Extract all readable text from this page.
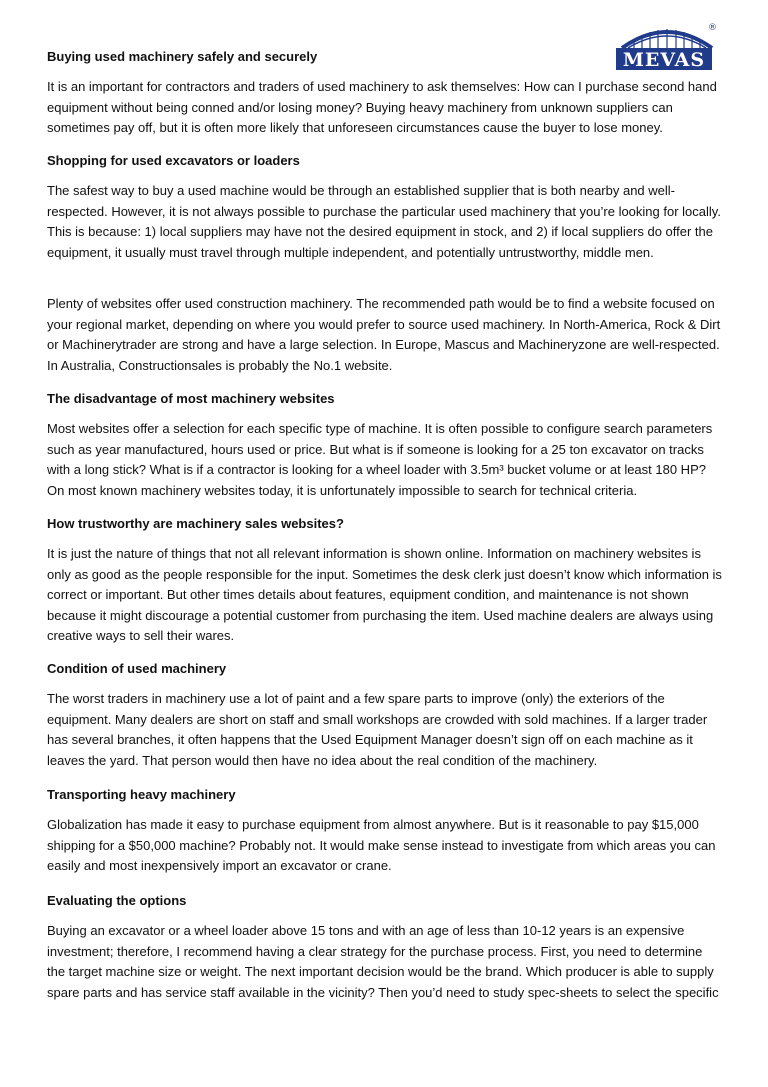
MEVAS
®
Buying used machinery safely and securely

It is an important for contractors and traders of used machinery to ask themselves: How can I purchase second hand equipment without being conned and/or losing money? Buying heavy machinery from unknown suppliers can sometimes pay off, but it is often more likely that unforeseen circumstances cause the buyer to lose money.

Shopping for used excavators or loaders

The safest way to buy a used machine would be through an established supplier that is both nearby and well-respected. However, it is not always possible to purchase the particular used machinery that you’re looking for locally. This is because: 1) local suppliers may have not the desired equipment in stock, and 2) if local suppliers do offer the equipment, it usually must travel through multiple independent, and potentially untrustworthy, middle men.

Plenty of websites offer used construction machinery. The recommended path would be to find a website focused on your regional market, depending on where you would prefer to source used machinery. In North-America, Rock & Dirt or Machinerytrader are strong and have a large selection. In Europe, Mascus and Machineryzone are well-respected. In Australia, Constructionsales is probably the No.1 website.

The disadvantage of most machinery websites

Most websites offer a selection for each specific type of machine. It is often possible to configure search parameters such as year manufactured, hours used or price. But what is if someone is looking for a 25 ton excavator on tracks with a long stick? What is if a contractor is looking for a wheel loader with 3.5m³ bucket volume or at least 180 HP? On most known machinery websites today, it is unfortunately impossible to search for technical criteria.

How trustworthy are machinery sales websites?

It is just the nature of things that not all relevant information is shown online. Information on machinery websites is only as good as the people responsible for the input. Sometimes the desk clerk just doesn’t know which information is correct or important. But other times details about features, equipment condition, and maintenance is not shown because it might discourage a potential customer from purchasing the item. Used machine dealers are always using creative ways to sell their wares.

Condition of used machinery

The worst traders in machinery use a lot of paint and a few spare parts to improve (only) the exteriors of the equipment. Many dealers are short on staff and small workshops are crowded with sold machines. If a larger trader has several branches, it often happens that the Used Equipment Manager doesn’t sign off on each machine as it leaves the yard. That person would then have no idea about the real condition of the machinery.

Transporting heavy machinery

Globalization has made it easy to purchase equipment from almost anywhere. But is it reasonable to pay $15,000 shipping for a $50,000 machine? Probably not. It would make sense instead to investigate from which areas you can easily and most inexpensively import an excavator or crane.

Evaluating the options

Buying an excavator or a wheel loader above 15 tons and with an age of less than 10-12 years is an expensive investment; therefore, I recommend having a clear strategy for the purchase process. First, you need to determine the target machine size or weight. The next important decision would be the brand. Which producer is able to supply spare parts and has service staff available in the vicinity? Then you’d need to study spec-sheets to select the specific
